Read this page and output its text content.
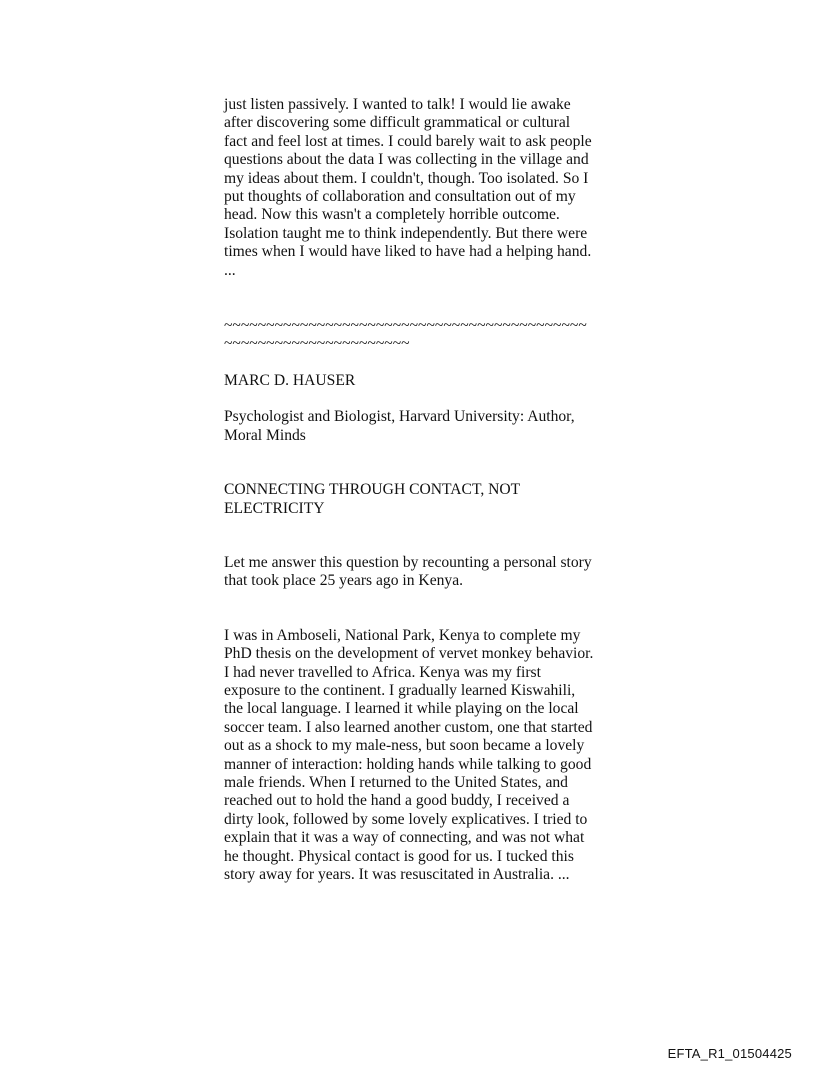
just listen passively. I wanted to talk! I would lie awake after discovering some difficult grammatical or cultural fact and feel lost at times. I could barely wait to ask people questions about the data I was collecting in the village and my ideas about them. I couldn't, though. Too isolated. So I put thoughts of collaboration and consultation out of my head. Now this wasn't a completely horrible outcome. Isolation taught me to think independently. But there were times when I would have liked to have had a helping hand. ...

~~~~~~~~~~~~~~~~~~~~~~~~~~~~~~~~~~~~~~~~~~~~~~~~~~~~~~~~~~~~~~~~~

MARC D. HAUSER

Psychologist and Biologist, Harvard University: Author, Moral Minds

CONNECTING THROUGH CONTACT, NOT ELECTRICITY

Let me answer this question by recounting a personal story that took place 25 years ago in Kenya.

I was in Amboseli, National Park, Kenya to complete my PhD thesis on the development of vervet monkey behavior. I had never travelled to Africa. Kenya was my first exposure to the continent. I gradually learned Kiswahili, the local language. I learned it while playing on the local soccer team. I also learned another custom, one that started out as a shock to my male-ness, but soon became a lovely manner of interaction: holding hands while talking to good male friends. When I returned to the United States, and reached out to hold the hand a good buddy, I received a dirty look, followed by some lovely explicatives. I tried to explain that it was a way of connecting, and was not what he thought. Physical contact is good for us. I tucked this story away for years. It was resuscitated in Australia. ...

EFTA_R1_01504425
